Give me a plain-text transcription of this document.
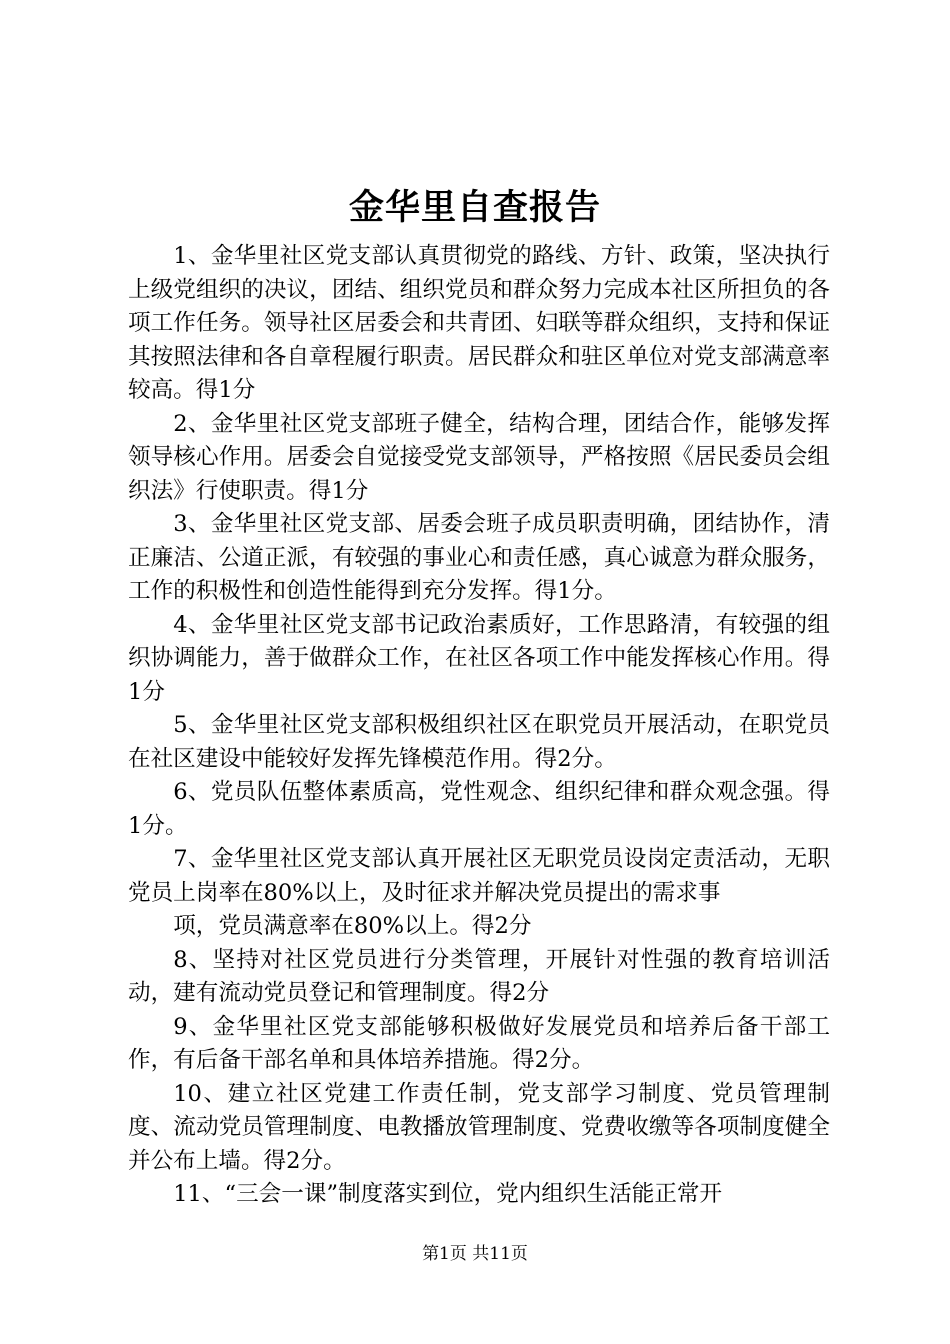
金华里自查报告

1、金华里社区党支部认真贯彻党的路线、方针、政策，坚决执行上级党组织的决议，团结、组织党员和群众努力完成本社区所担负的各项工作任务。领导社区居委会和共青团、妇联等群众组织，支持和保证其按照法律和各自章程履行职责。居民群众和驻区单位对党支部满意率较高。得1分

2、金华里社区党支部班子健全，结构合理，团结合作，能够发挥领导核心作用。居委会自觉接受党支部领导，严格按照《居民委员会组织法》行使职责。得1分

3、金华里社区党支部、居委会班子成员职责明确，团结协作，清正廉洁、公道正派，有较强的事业心和责任感，真心诚意为群众服务，工作的积极性和创造性能得到充分发挥。得1分。

4、金华里社区党支部书记政治素质好，工作思路清，有较强的组织协调能力，善于做群众工作，在社区各项工作中能发挥核心作用。得1分

5、金华里社区党支部积极组织社区在职党员开展活动，在职党员在社区建设中能较好发挥先锋模范作用。得2分。

6、党员队伍整体素质高，党性观念、组织纪律和群众观念强。得1分。

7、金华里社区党支部认真开展社区无职党员设岗定责活动，无职党员上岗率在80%以上，及时征求并解决党员提出的需求事

项，党员满意率在80%以上。得2分

8、坚持对社区党员进行分类管理，开展针对性强的教育培训活动，建有流动党员登记和管理制度。得2分

9、金华里社区党支部能够积极做好发展党员和培养后备干部工作，有后备干部名单和具体培养措施。得2分。

10、建立社区党建工作责任制，党支部学习制度、党员管理制度、流动党员管理制度、电教播放管理制度、党费收缴等各项制度健全并公布上墙。得2分。

11、“三会一课”制度落实到位，党内组织生活能正常开

第1页 共11页
